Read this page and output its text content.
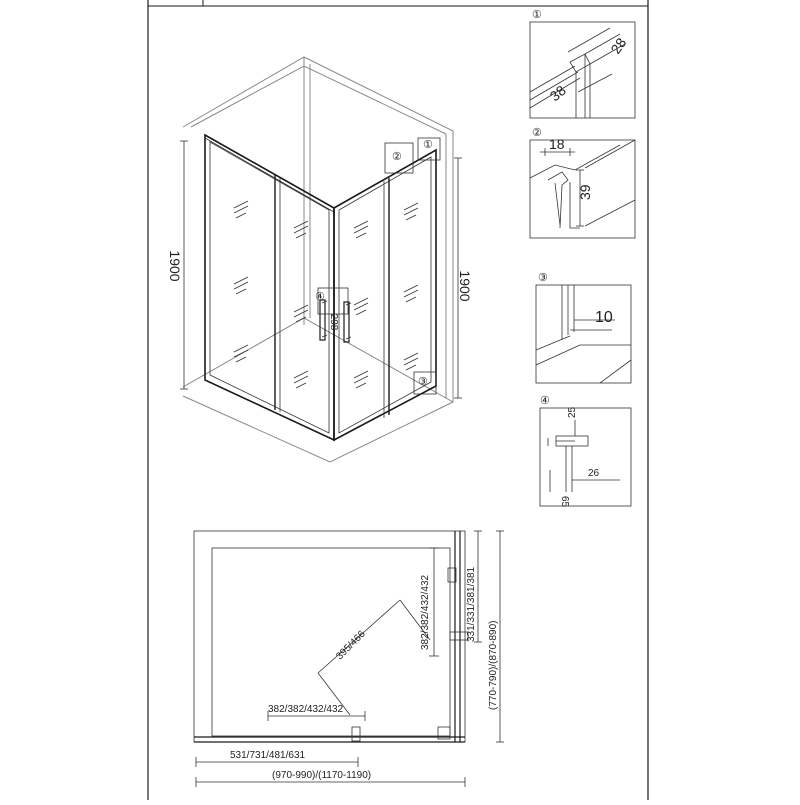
1900
1900
298
①
②
④
③
①
28
38
②
18
39
③
10
④
25
26
65
395/466
382/382/432/432
382/382/432/432	331/331/381/381
(770-790)/(870-890)
531/731/481/631
(970-990)/(1170-1190)
